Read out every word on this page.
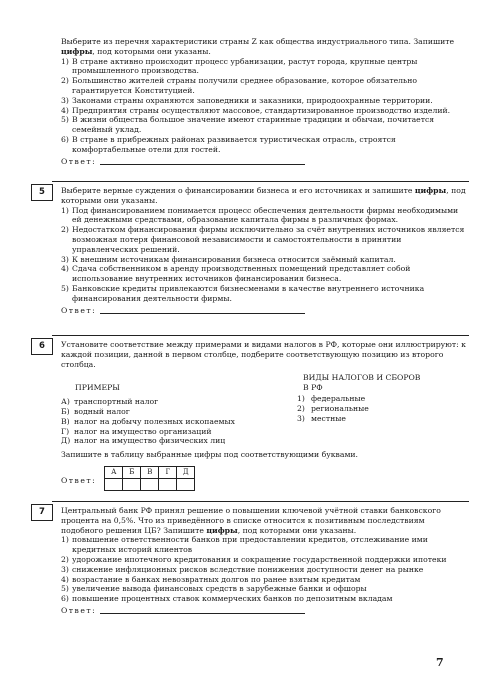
Выберите из перечня характеристики страны Z как общества индустриального типа. Запишите цифры, под которыми они указаны.

1) В стране активно происходит процесс урбанизации, растут города, крупные центры промышленного производства.
2) Большинство жителей страны получили среднее образование, которое обязательно гарантируется Конституцией.
3) Законами страны охраняются заповедники и заказники, природоохранные территории.
4) Предприятия страны осуществляют массовое, стандартизированное производство изделий.
5) В жизни общества большое значение имеют старинные традиции и обычаи, почитается семейный уклад.
6) В стране в прибрежных районах развивается туристическая отрасль, строятся комфортабельные отели для гостей.
Ответ:
5	Выберите верные суждения о финансировании бизнеса и его источниках и запишите цифры, под которыми они указаны.

1) Под финансированием понимается процесс обеспечения деятельности фирмы необходимыми ей денежными средствами, образование капитала фирмы в различных формах.
2) Недостатком финансирования фирмы исключительно за счёт внутренних источников является возможная потеря финансовой независимости и самостоятельности в принятии управленческих решений.
3) К внешним источникам финансирования бизнеса относится заёмный капитал.
4) Сдача собственником в аренду производственных помещений представляет собой использование внутренних источников финансирования бизнеса.
5) Банковские кредиты привлекаются бизнесменами в качестве внутреннего источника финансирования деятельности фирмы.
Ответ:
6	Установите соответствие между примерами и видами налогов в РФ, которые они иллюстрируют: к каждой позиции, данной в первом столбце, подберите соответствующую позицию из второго столбца.

ПРИМЕРЫ
А) транспортный налог
Б) водный налог
В) налог на добычу полезных ископаемых
Г) налог на имущество организаций
Д) налог на имущество физических лиц
ВИДЫ НАЛОГОВ И СБОРОВ
В РФ
1) федеральные
2) региональные
3) местные

Запишите в таблицу выбранные цифры под соответствующими буквами.

Ответ:
А	Б	В	Г	Д

7	Центральный банк РФ принял решение о повышении ключевой учётной ставки банковского процента на 0,5%. Что из приведённого в списке относится к позитивным последствиям подобного решения ЦБ? Запишите цифры, под которыми они указаны.

1) повышение ответственности банков при предоставлении кредитов, отслеживание ими кредитных историй клиентов
2) удорожание ипотечного кредитования и сокращение государственной поддержки ипотеки
3) снижение инфляционных рисков вследствие понижения доступности денег на рынке
4) возрастание в банках невозвратных долгов по ранее взятым кредитам
5) увеличение вывода финансовых средств в зарубежные банки и офшоры
6) повышение процентных ставок коммерческих банков по депозитным вкладам
Ответ:
7
